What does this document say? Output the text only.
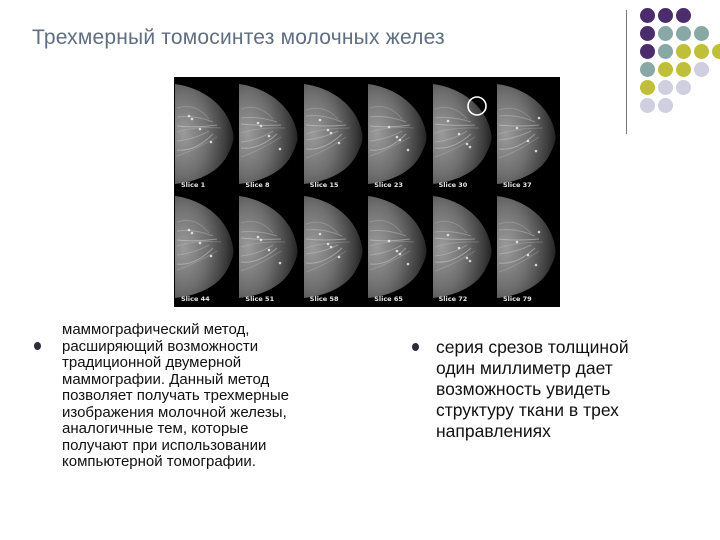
Трехмерный томосинтез молочных желез
Slice 1	Slice 8	Slice 15	Slice 23	Slice 30	Slice 37
Slice 44	Slice 51	Slice 58	Slice 65	Slice 72	Slice 79
маммографический метод,
расширяющий возможности
традиционной двумерной
маммографии. Данный метод
позволяет получать трехмерные
изображения молочной железы,
аналогичные тем, которые
получают при использовании
компьютерной томографии.
серия срезов толщиной
один миллиметр дает
возможность увидеть
структуру ткани в трех
направлениях
